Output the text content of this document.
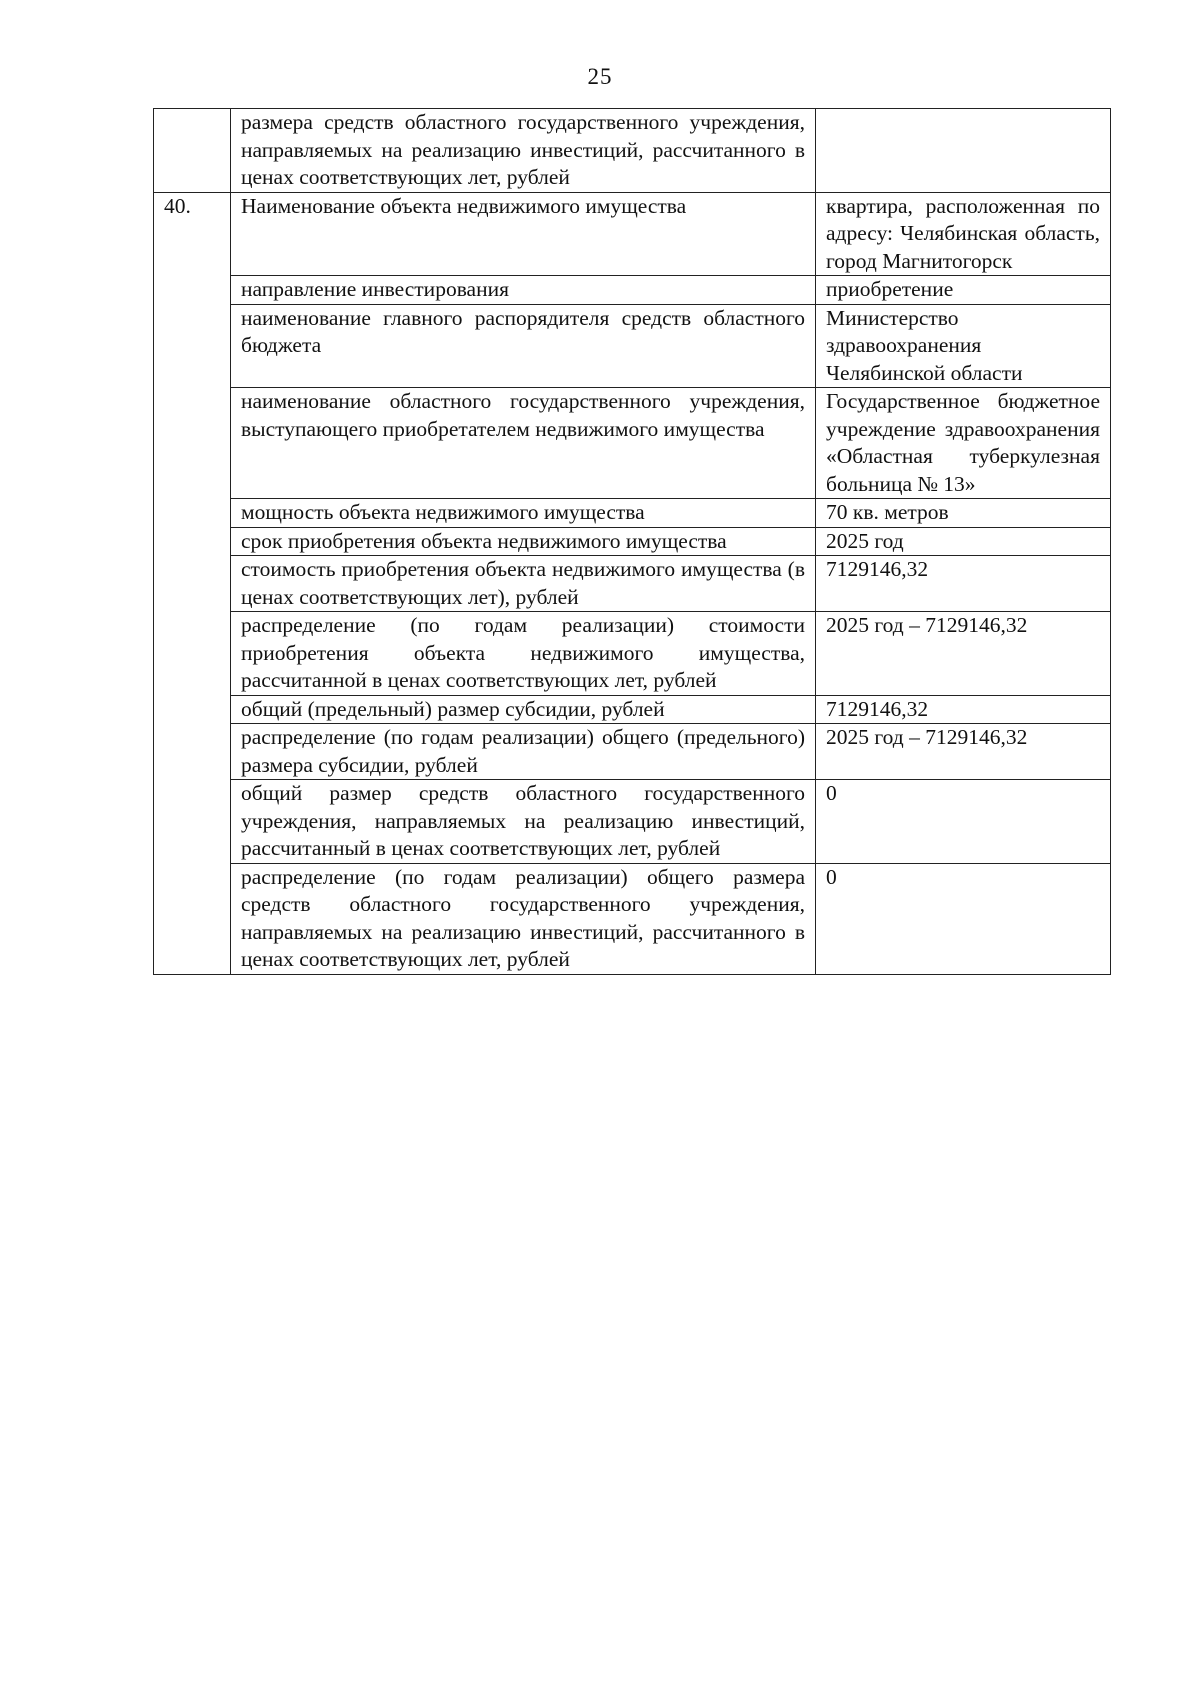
25
	размера средств областного государственного учреждения, направляемых на реализацию инвестиций, рассчитанного в ценах соответствующих лет, рублей	
40.	Наименование объекта недвижимого имущества	квартира, расположенная по адресу: Челябинская область, город Магнитогорск
	направление инвестирования	приобретение
	наименование главного распорядителя средств областного бюджета	Министерство здравоохранения Челябинской области
	наименование областного государственного учреждения, выступающего приобретателем недвижимого имущества	Государственное бюджетное учреждение здравоохранения «Областная туберкулезная больница № 13»
	мощность объекта недвижимого имущества	70 кв. метров
	срок приобретения объекта недвижимого имущества	2025 год
	стоимость приобретения объекта недвижимого имущества (в ценах соответствующих лет), рублей	7129146,32
	распределение (по годам реализации) стоимости приобретения объекта недвижимого имущества, рассчитанной в ценах соответствующих лет, рублей	2025 год – 7129146,32
	общий (предельный) размер субсидии, рублей	7129146,32
	распределение (по годам реализации) общего (предельного) размера субсидии, рублей	2025 год – 7129146,32
	общий размер средств областного государственного учреждения, направляемых на реализацию инвестиций, рассчитанный в ценах соответствующих лет, рублей	0
	распределение (по годам реализации) общего размера средств областного государственного учреждения, направляемых на реализацию инвестиций, рассчитанного в ценах соответствующих лет, рублей	0
